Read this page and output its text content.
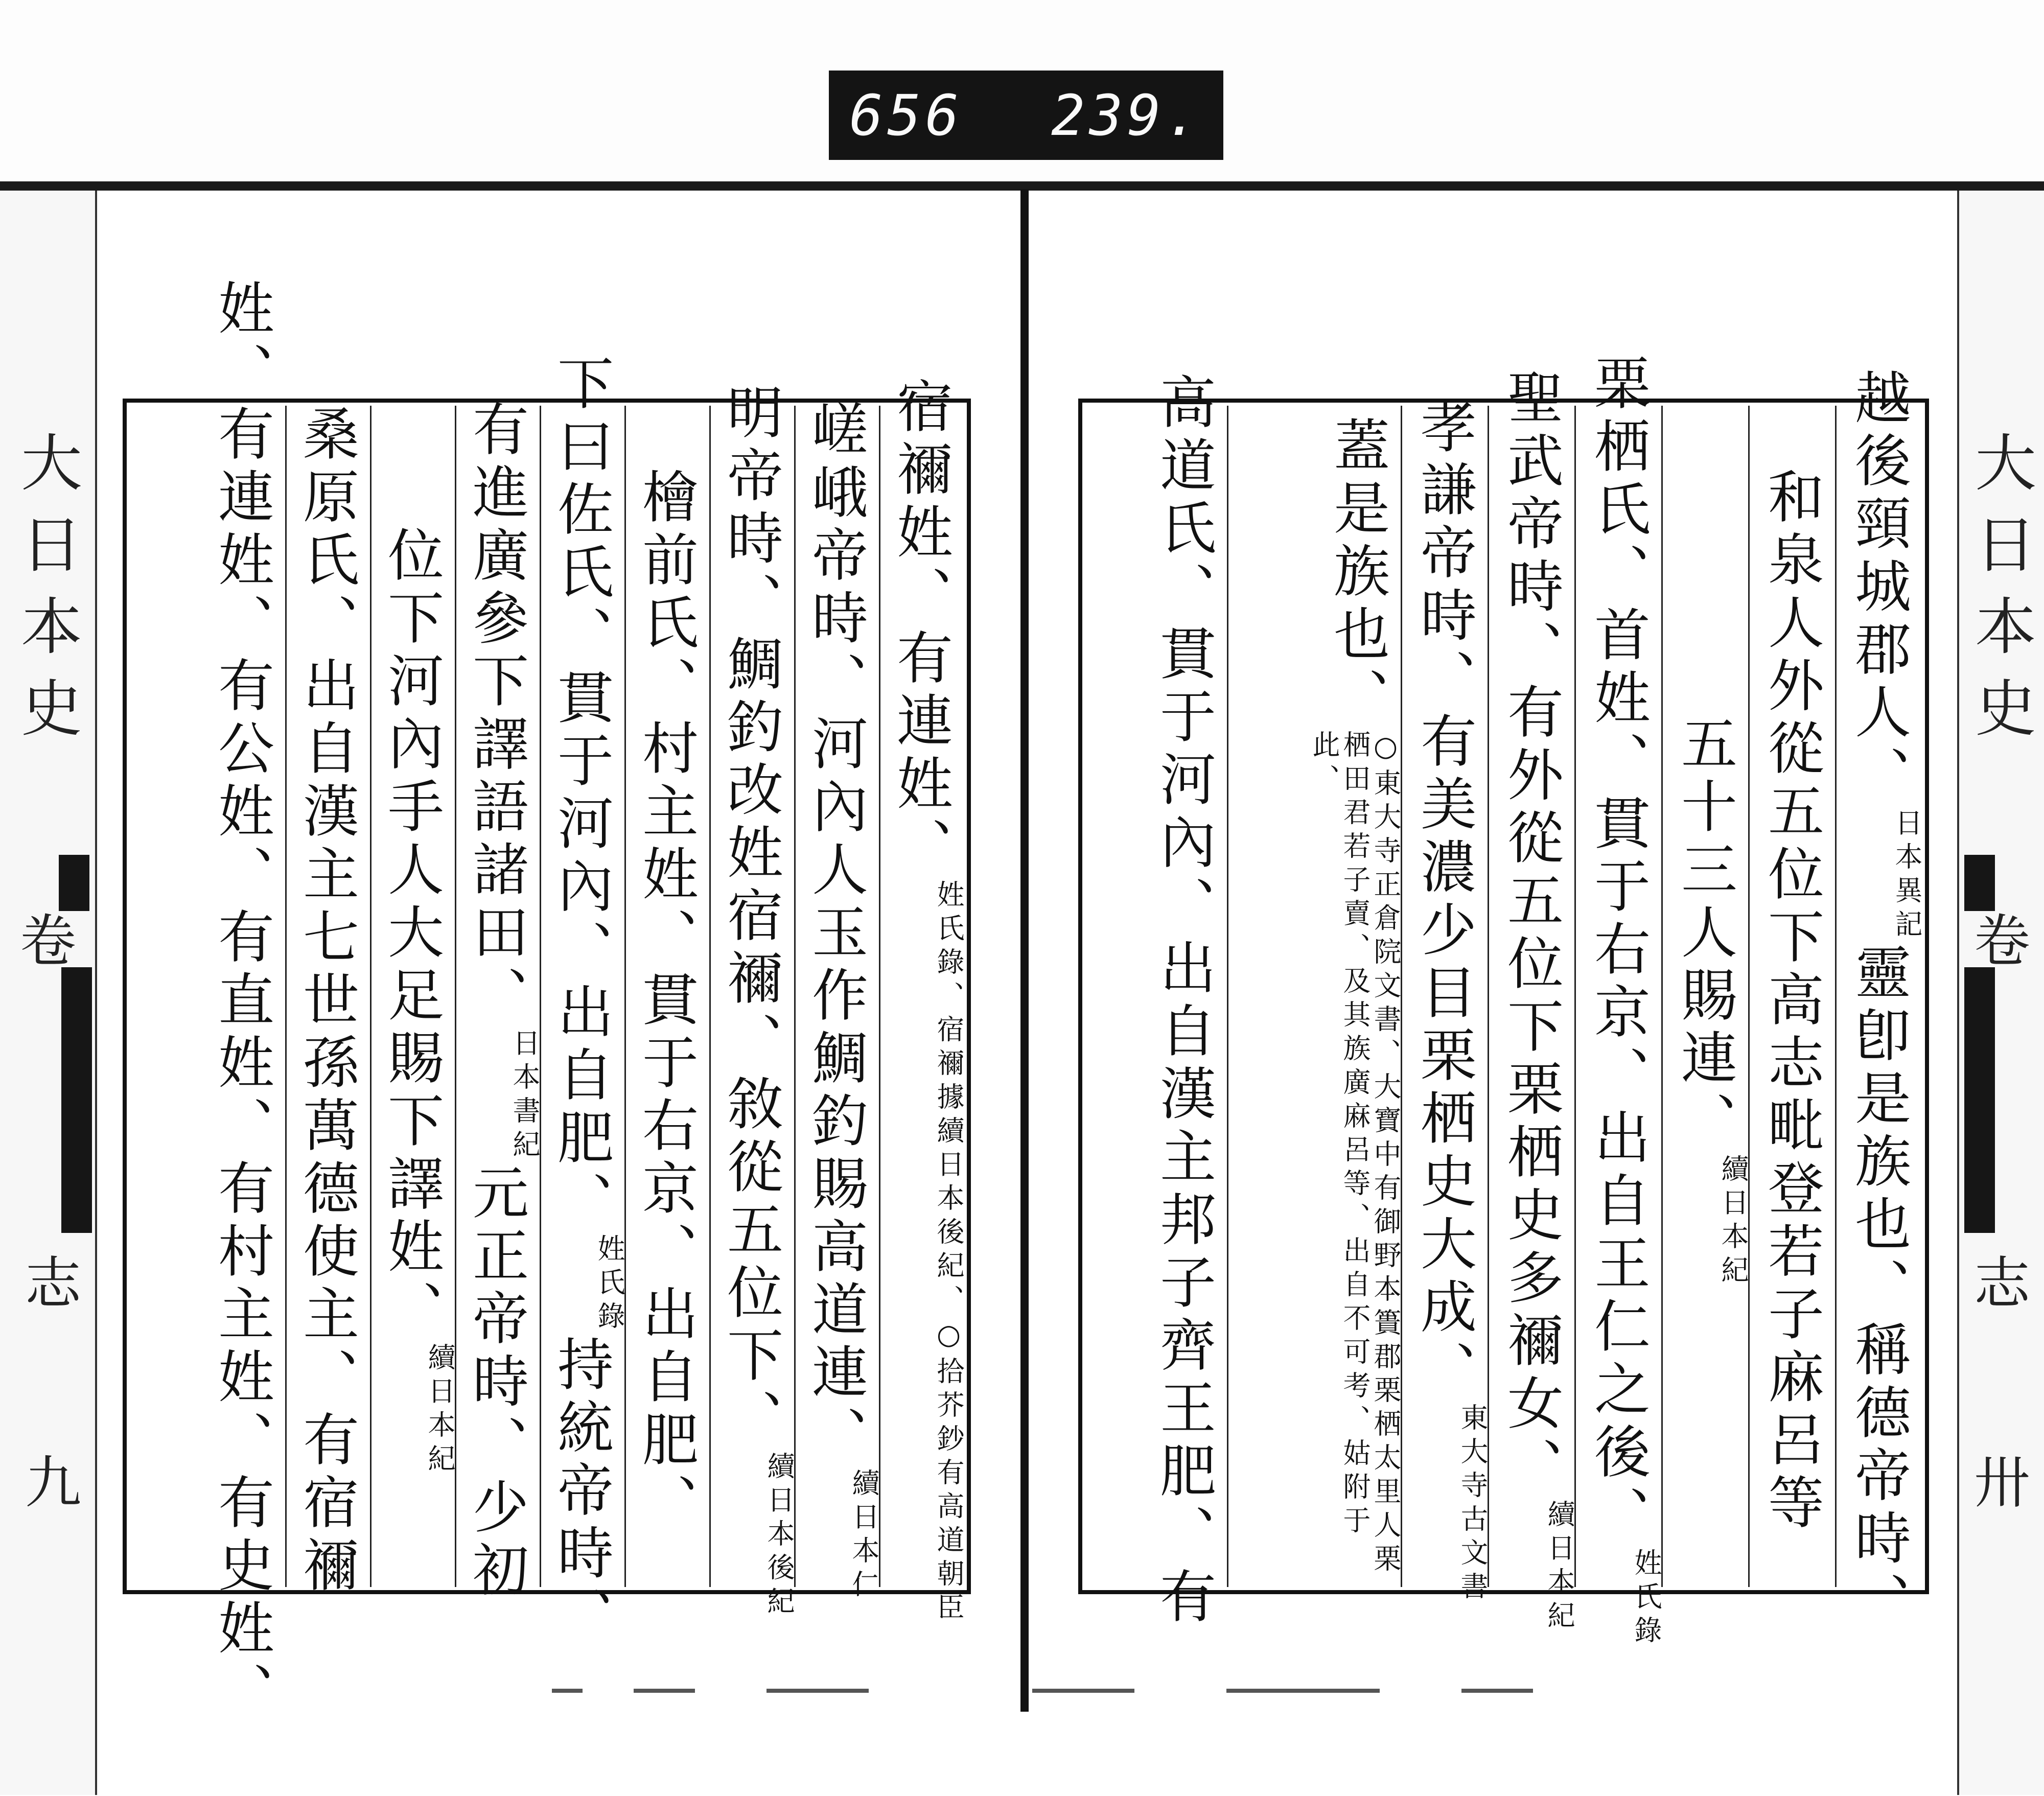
656 239.
大日本史
卷
志
九
大日本史
卷
志
卅
宿禰姓、有連姓、
姓氏錄、宿禰據續日本後紀、○拾芥鈔有高道朝臣
嵯峨帝時、河內人玉作鯛釣賜高道連、
續日本仁
明帝時、鯛釣改姓宿禰、敘從五位下、
續日本後紀
檜前氏、村主姓、貫于右京、出自肥、
下曰佐氏、貫于河內、出自肥、
姓氏錄
持統帝時、
有進廣參下譯語諸田、
日本書紀
元正帝時、少初
位下河內手人大足賜下譯姓、
續日本紀
桑原氏、出自漢主七世孫萬德使主、有宿禰
姓、有連姓、有公姓、有直姓、有村主姓、有史姓、	越後頸城郡人、
日本異記
靈卽是族也、稱德帝時、
和泉人外從五位下高志毗登若子麻呂等
五十三人賜連、
續日本紀
栗栖氏、首姓、貫于右京、出自王仁之後、
姓氏錄
聖武帝時、有外從五位下栗栖史多禰女、
續日本紀
孝謙帝時、有美濃少目栗栖史大成、
東大寺古文書
蓋是族也、
○東大寺正倉院文書、大寶中有御野本簣郡栗栖太里人栗栖田君若子賣、及其族廣麻呂等、出自不可考、姑附于此、
高道氏、貫于河內、出自漢主邦子齊王肥、有
